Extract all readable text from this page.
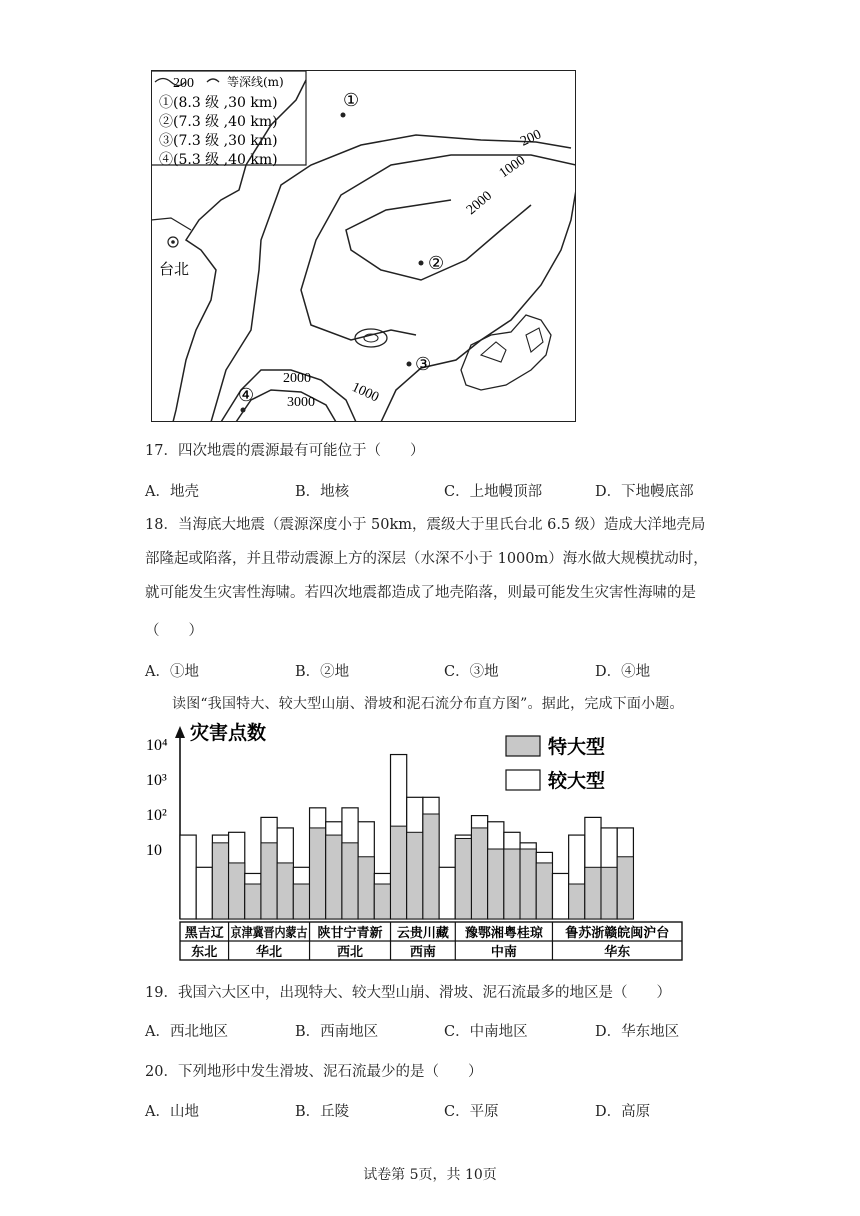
200	等深线(m)
①(8.3 级 ,30 km)
②(7.3 级 ,40 km)
③(7.3 级 ,30 km)
④(5.3 级 ,40 km)
200
1000
2000
2000
1000
3000
台北
①
②
③
④
17．四次地震的震源最有可能位于（　　）
A．地壳	B．地核	C．上地幔顶部	D．下地幔底部
18．当海底大地震（震源深度小于 50km，震级大于里氏台北 6.5 级）造成大洋地壳局
部隆起或陷落，并且带动震源上方的深层（水深不小于 1000m）海水做大规模扰动时，
就可能发生灾害性海啸。若四次地震都造成了地壳陷落，则最可能发生灾害性海啸的是
（　　）
A．①地	B．②地	C．③地	D．④地
读图“我国特大、较大型山崩、滑坡和泥石流分布直方图”。据此，完成下面小题。
灾害点数
10
10²
10³
10⁴	特大型
较大型
黑吉辽
东北
京津冀晋内蒙古
华北
陕甘宁青新
西北
云贵川藏
西南
豫鄂湘粤桂琼
中南
鲁苏浙赣皖闽沪台
华东
19．我国六大区中，出现特大、较大型山崩、滑坡、泥石流最多的地区是（　　）
A．西北地区	B．西南地区	C．中南地区	D．华东地区
20．下列地形中发生滑坡、泥石流最少的是（　　）
A．山地	B．丘陵	C．平原	D．高原
试卷第 5页，共 10页
